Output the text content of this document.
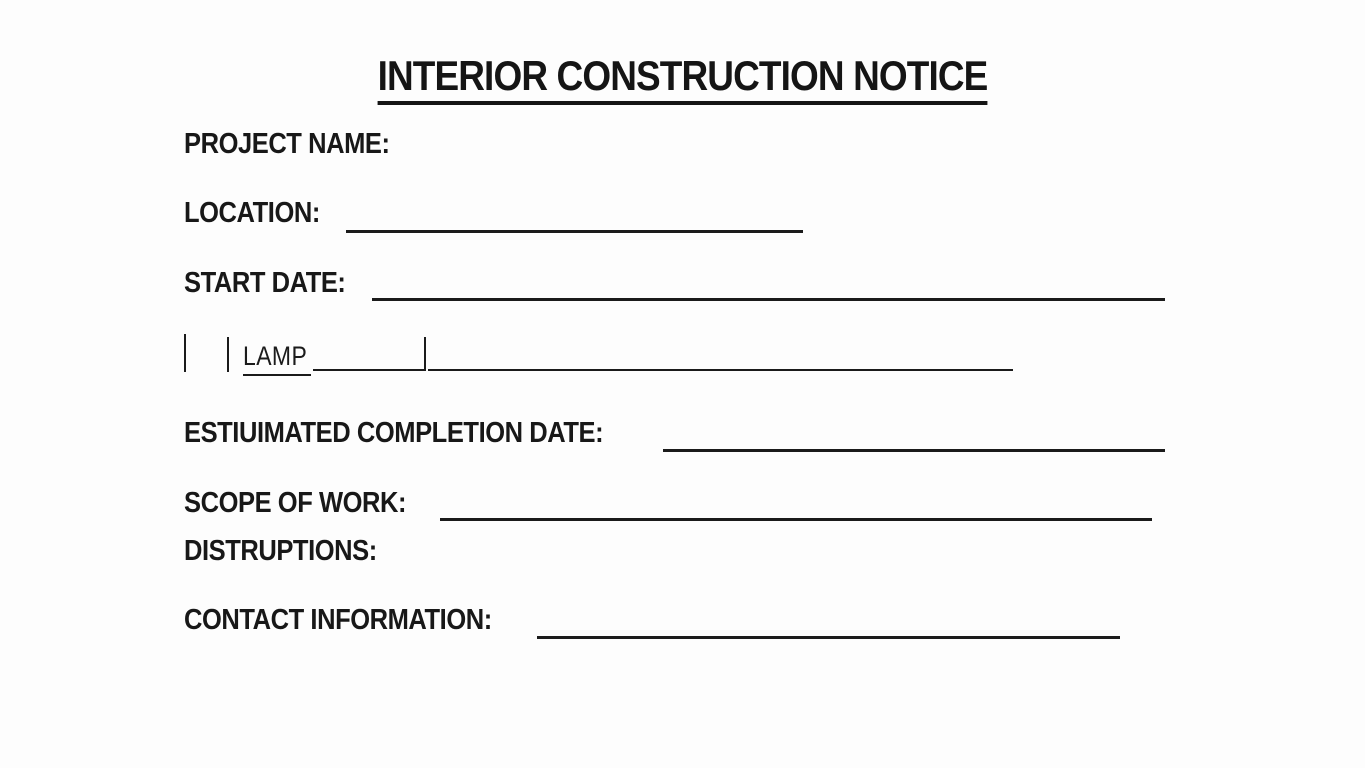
INTERIOR CONSTRUCTION NOTICE
PROJECT NAME:
LOCATION:
START DATE:
LAMP
ESTIUIMATED COMPLETION DATE:
SCOPE OF WORK:
DISTRUPTIONS:
CONTACT INFORMATION:
